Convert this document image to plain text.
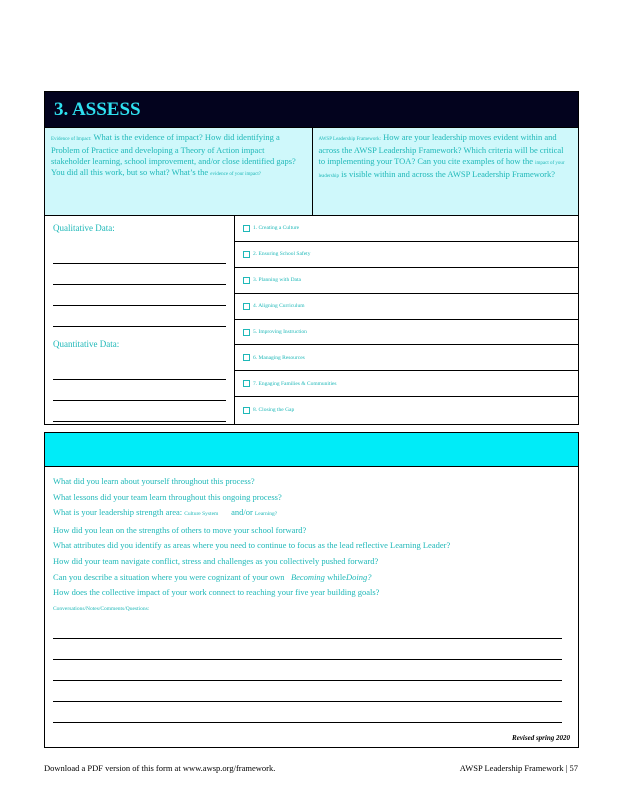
3. ASSESS
Evidence of Impact: What is the evidence of impact? How did identifying a Problem of Practice and developing a Theory of Action impact stakeholder learning, school improvement, and/or close identified gaps? You did all this work, but so what? What’s the evidence of your impact?
AWSP Leadership Framework: How are your leadership moves evident within and across the AWSP Leadership Framework? Which criteria will be critical to implementing your TOA? Can you cite examples of how the impact of your leadership is visible within and across the AWSP Leadership Framework?
Qualitative Data:
Quantitative Data:
1. Creating a Culture
2. Ensuring School Safety
3. Planning with Data
4. Aligning Curriculum
5. Improving Instruction
6. Managing Resources
7. Engaging Families & Communities
8. Closing the Gap
What did you learn about yourself throughout this process?
What lessons did your team learn throughout this ongoing process?
What is your leadership strength area: Culture System and/or Learning?
How did you lean on the strengths of others to move your school forward?
What attributes did you identify as areas where you need to continue to focus as the lead reflective Learning Leader?
How did your team navigate conflict, stress and challenges as you collectively pushed forward?
Can you describe a situation where you were cognizant of your own Becoming whileDoing?
How does the collective impact of your work connect to reaching your five year building goals?
Conversations/Notes/Comments/Questions:
Revised spring 2020
Download a PDF version of this form at www.awsp.org/framework.	AWSP Leadership Framework | 57
